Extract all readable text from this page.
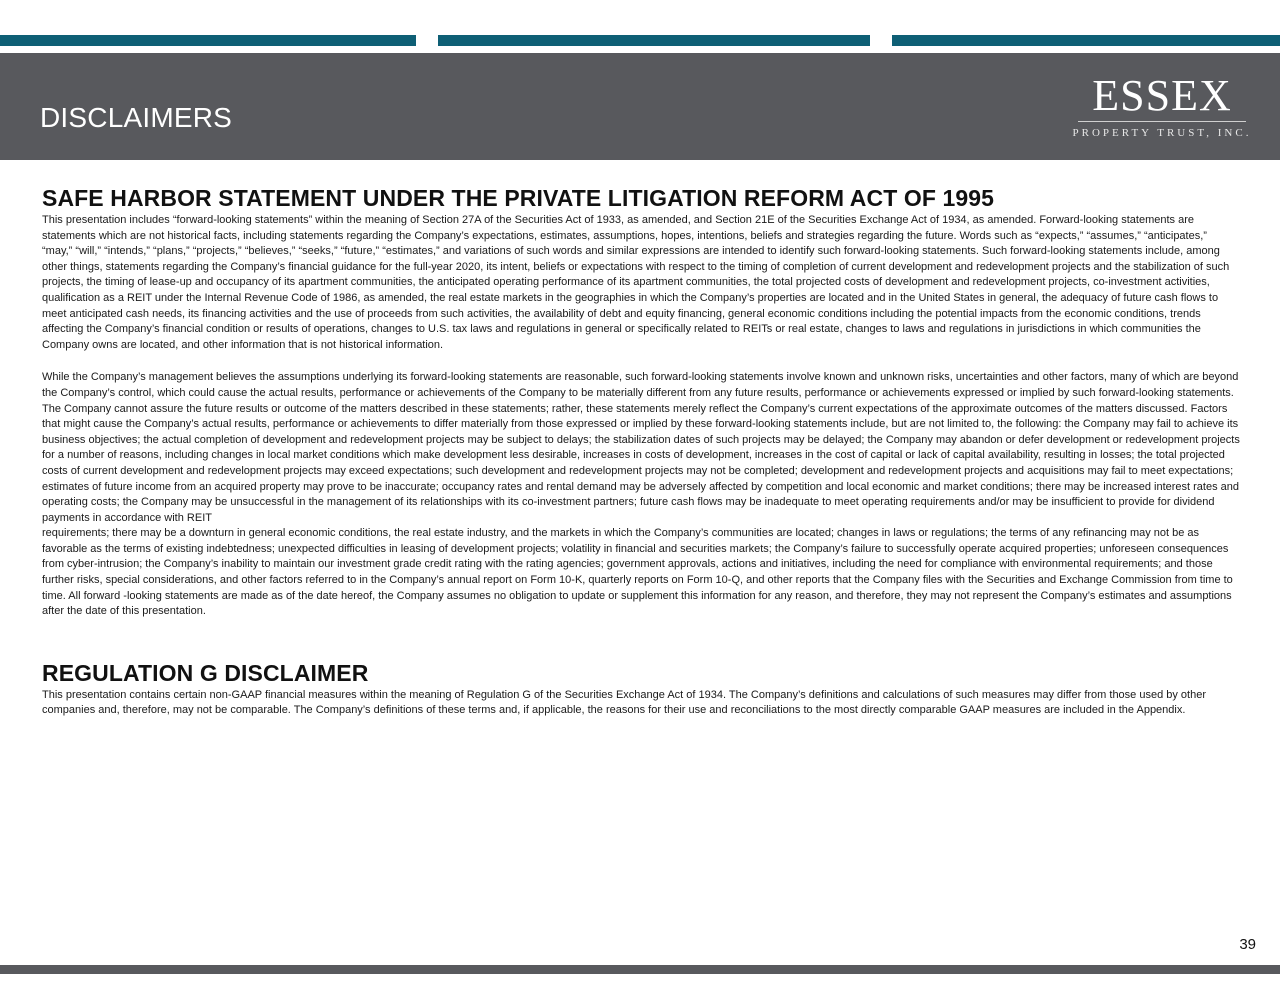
DISCLAIMERS	ESSEX
PROPERTY TRUST, INC.
SAFE HARBOR STATEMENT UNDER THE PRIVATE LITIGATION REFORM ACT OF 1995

This presentation includes “forward-looking statements” within the meaning of Section 27A of the Securities Act of 1933, as amended, and Section 21E of the Securities Exchange Act of 1934, as amended. Forward-looking statements are statements which are not historical facts, including statements regarding the Company’s expectations, estimates, assumptions, hopes, intentions, beliefs and strategies regarding the future. Words such as “expects,” “assumes,” “anticipates,” “may,” “will,” “intends,” “plans,” “projects,” “believes,” “seeks,” “future,” “estimates,” and variations of such words and similar expressions are intended to identify such forward-looking statements. Such forward-looking statements include, among other things, statements regarding the Company’s financial guidance for the full-year 2020, its intent, beliefs or expectations with respect to the timing of completion of current development and redevelopment projects and the stabilization of such projects, the timing of lease-up and occupancy of its apartment communities, the anticipated operating performance of its apartment communities, the total projected costs of development and redevelopment projects, co-investment activities, qualification as a REIT under the Internal Revenue Code of 1986, as amended, the real estate markets in the geographies in which the Company’s properties are located and in the United States in general, the adequacy of future cash flows to meet anticipated cash needs, its financing activities and the use of proceeds from such activities, the availability of debt and equity financing, general economic conditions including the potential impacts from the economic conditions, trends affecting the Company’s financial condition or results of operations, changes to U.S. tax laws and regulations in general or specifically related to REITs or real estate, changes to laws and regulations in jurisdictions in which communities the Company owns are located, and other information that is not historical information.

While the Company’s management believes the assumptions underlying its forward-looking statements are reasonable, such forward-looking statements involve known and unknown risks, uncertainties and other factors, many of which are beyond the Company’s control, which could cause the actual results, performance or achievements of the Company to be materially different from any future results, performance or achievements expressed or implied by such forward-looking statements. The Company cannot assure the future results or outcome of the matters described in these statements; rather, these statements merely reflect the Company’s current expectations of the approximate outcomes of the matters discussed. Factors that might cause the Company’s actual results, performance or achievements to differ materially from those expressed or implied by these forward-looking statements include, but are not limited to, the following: the Company may fail to achieve its business objectives; the actual completion of development and redevelopment projects may be subject to delays; the stabilization dates of such projects may be delayed; the Company may abandon or defer development or redevelopment projects for a number of reasons, including changes in local market conditions which make development less desirable, increases in costs of development, increases in the cost of capital or lack of capital availability, resulting in losses; the total projected costs of current development and redevelopment projects may exceed expectations; such development and redevelopment projects may not be completed; development and redevelopment projects and acquisitions may fail to meet expectations; estimates of future income from an acquired property may prove to be inaccurate; occupancy rates and rental demand may be adversely affected by competition and local economic and market conditions; there may be increased interest rates and operating costs; the Company may be unsuccessful in the management of its relationships with its co-investment partners; future cash flows may be inadequate to meet operating requirements and/or may be insufficient to provide for dividend payments in accordance with REIT

requirements; there may be a downturn in general economic conditions, the real estate industry, and the markets in which the Company’s communities are located; changes in laws or regulations; the terms of any refinancing may not be as favorable as the terms of existing indebtedness; unexpected difficulties in leasing of development projects; volatility in financial and securities markets; the Company’s failure to successfully operate acquired properties; unforeseen consequences from cyber-intrusion; the Company’s inability to maintain our investment grade credit rating with the rating agencies; government approvals, actions and initiatives, including the need for compliance with environmental requirements; and those further risks, special considerations, and other factors referred to in the Company’s annual report on Form 10-K, quarterly reports on Form 10-Q, and other reports that the Company files with the Securities and Exchange Commission from time to time. All forward -looking statements are made as of the date hereof, the Company assumes no obligation to update or supplement this information for any reason, and therefore, they may not represent the Company’s estimates and assumptions after the date of this presentation.

REGULATION G DISCLAIMER

This presentation contains certain non-GAAP financial measures within the meaning of Regulation G of the Securities Exchange Act of 1934. The Company’s definitions and calculations of such measures may differ from those used by other companies and, therefore, may not be comparable. The Company’s definitions of these terms and, if applicable, the reasons for their use and reconciliations to the most directly comparable GAAP measures are included in the Appendix.

39
